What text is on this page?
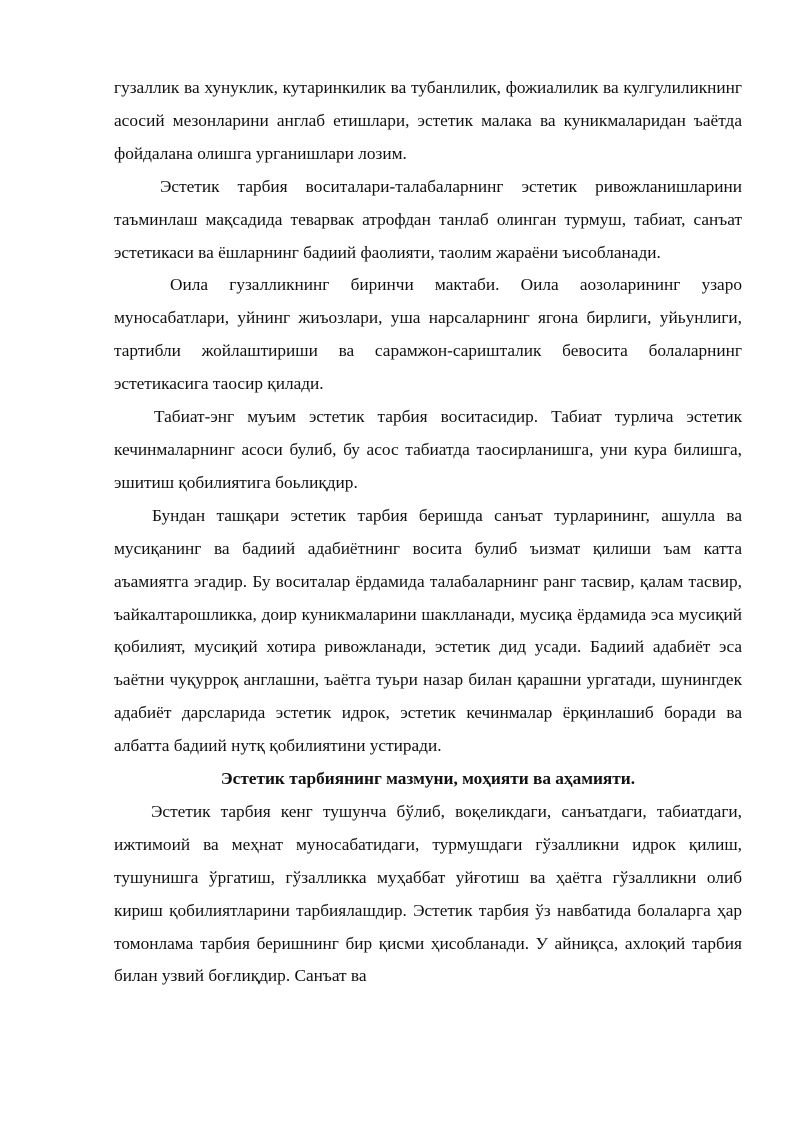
гузаллик ва хунуклик, кутаринкилик ва тубанлилик, фожиалилик ва кулгулиликнинг асосий мезонларини англаб етишлари, эстетик малака ва куникмаларидан ъаётда фойдалана олишга урганишлари лозим.

Эстетик тарбия воситалари-талабаларнинг эстетик ривожланишларини таъминлаш мақсадида теварвак атрофдан танлаб олинган турмуш, табиат, санъат эстетикаси ва ёшларнинг бадиий фаолияти, таолим жараёни ъисобланади.

Оила гузалликнинг биринчи мактаби. Оила аозоларининг узаро муносабатлари, уйнинг жиъозлари, уша нарсаларнинг ягона бирлиги, уйьунлиги, тартибли жойлаштириши ва сарамжон-саришталик бевосита болаларнинг эстетикасига таосир қилади.

Табиат-энг муъим эстетик тарбия воситасидир. Табиат турлича эстетик кечинмаларнинг асоси булиб, бу асос табиатда таосирланишга, уни кура билишга, эшитиш қобилиятига боьлиқдир.

Бундан ташқари эстетик тарбия беришда санъат турларининг, ашулла ва мусиқанинг ва бадиий адабиётнинг восита булиб ъизмат қилиши ъам катта аъамиятга эгадир. Бу воситалар ёрдамида талабаларнинг ранг тасвир, қалам тасвир, ъайкалтарошликка, доир куникмаларини шаклланади, мусиқа ёрдамида эса мусиқий қобилият, мусиқий хотира ривожланади, эстетик дид усади. Бадиий адабиёт эса ъаётни чуқурроқ англашни, ъаётга туьри назар билан қарашни ургатади, шунингдек адабиёт дарсларида эстетик идрок, эстетик кечинмалар ёрқинлашиб боради ва албатта бадиий нутқ қобилиятини устиради.

Эстетик тарбиянинг мазмуни, моҳияти ва аҳамияти.

Эстетик тарбия кенг тушунча бўлиб, воқеликдаги, санъатдаги, табиатдаги, ижтимоий ва меҳнат муносабатидаги, турмушдаги гўзалликни идрок қилиш, тушунишга ўргатиш, гўзалликка муҳаббат уйғотиш ва ҳаётга гўзалликни олиб кириш қобилиятларини тарбиялашдир. Эстетик тарбия ўз навбатида болаларга ҳар томонлама тарбия беришнинг бир қисми ҳисобланади. У айниқса, ахлоқий тарбия билан узвий боғлиқдир. Санъат ва
